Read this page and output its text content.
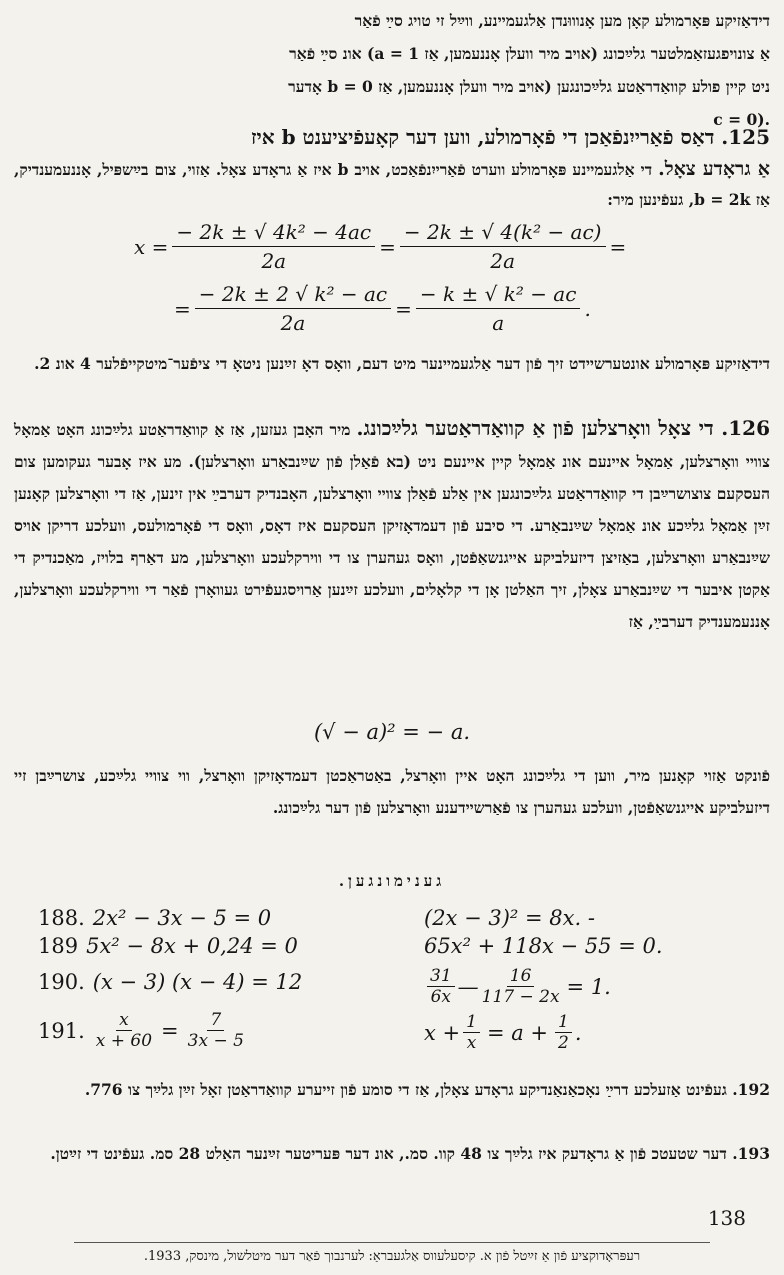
דידאַזיקע פּאָרמולע קאָן מען אָנוווּנדן אַלגעמיינע, ווײַל זי טויג סײַ פֿאַר
אַ צונויפגעזאַמלטער גלײַכונג (אויב מיר וועלן אָננעמען, אַז a = 1) אונ סײַ פֿאַר
ניט קיין פולע קוואַדראַטע גלײַכונגען (אויב מיר וועלן אָננעמען, אַז b = 0 אָדער
.(c = 0
125. דאַס פֿאַרייִנפֿאַכן די פֿאָרמולע, ווען דער קאָעפֿיציענט b איז
אַ גראָדע צאָל. די אַלגעמיינע פּאָרמולע ווערט פֿאַרייִנפֿאַכט, אויב b איז אַ גראָדע צאָל. אַזוי, צום בײַשפּיל, אָננעמענדיק, אַז b = 2k, געפֿינען מיר:
$x = \frac{\text{− 2k ± √ 4k² − 4ac}}{2a} = \frac{\text{− 2k ± √ 4(k² − ac)}}{2a}$ =
= $\frac{\text{− 2k ± 2 √ k² − ac}}{2a} = \frac{\text{− k ± √ k² − ac}}{a}$ .
דידאַזיקע פּאָרמולע אונטערשיידט זיך פֿון דער אַלגעמיינער מיט דעם, וואָס דאָ זײַנען ניטאָ די ציפֿער־מיטקייפֿלער 4 אונ 2.
126. די צאָל וואָרצלען פֿון אַ קוואַדראַטער גלײַכונג. מיר האָבן געזען, אַז אַ קוואַדראַטע גלײַכונג האָט אַמאָל צוויי וואָרצלען, אַמאָל איינעם אונ אַמאָל קיין איינעם ניט (בא פֿאַלן פֿון שײַנבאַרע וואָרצלען). מע איז אָבער געקומען צום העסקעם צוצושרײַבן די קוואַדראַטע גלײַכונגען אין אַלע פֿאַלן צוויי וואָרצלען, האָבנדיק דערבײַ אין זינען, אַז די וואָרצלען קאָנען זײַן אַמאָל גלײַכע אונ אַמאָל שײַנבאַרע. די סיבע פֿון דעמדאָזיקן העסקעם איז דאָס, וואָס די פֿאָרמולעס, וועלכע דריקן אויס שײַנבאַרע וואָרצלען, באַזיצן דיזעלביקע אייגנשאַפֿטן, וואָס געהערן צו די ווירקלעכע וואָרצלען, מע דאַרף בלויז, מאַכנדיק די אַקטן איבער די שײַנבאַרע צאָלן, זיך האַלטן אָן די קלאָלים, וועלכע זײַנען אַרויסגעפֿירט געוואָרן פֿאַר די ווירקלעכע וואָרצלען, אָננעמענדיק דערבײַ, אַז
(√ − a)² = − a.
פֿונקט אַזוי קאָנען מיר, ווען די גלײַכונג האָט איין וואָרצל, באַטראַכטן דעמדאָזיקן וואָרצל, ווי צוויי גלײַכע, צושרײַבן זיי דיזעלביקע אייגנשאַפֿטן, וועלכע געהערן צו פֿאַרשיידענע וואָרצלען פֿון דער גלײַכונג.
גענימונגען.
188. 2x² − 3x − 5 = 0
189 5x² − 8x + 0,24 = 0
190. (x − 3) (x − 4) = 12
191. $\frac{x}{x + 60} = \frac{7}{3x - 5}$
(2x − 3)² = 8x. -
65x² + 118x − 55 = 0.
$\frac{31}{6x}$ — $\frac{16}{117 - 2x} = 1$.
$x + \frac{1}{x} = a + \frac{1}{2}$ .
192. געפֿינט אַזעלכע דרײַ נאָכאַנאַנדיקע גראָדע צאָלן, אַז די סומע פֿון זייערע קוואַדראַטן זאָל זײַן גלײַך צו 776.
193. דער שטעטכ פֿון אַ גראָדעק איז גלײַך צו 48 קוו. סמ., אונ דער פּעריטער זײַנער האַלט 28 סמ. געפֿינט די זײַטן.
138
רעפּראָדוקציע פֿון אַ זײַטל פֿון א. קיסעלעווס אַלגעבראַ: לערנבוך פֿאַר דער מיטלשול, מינסק, 1933.
